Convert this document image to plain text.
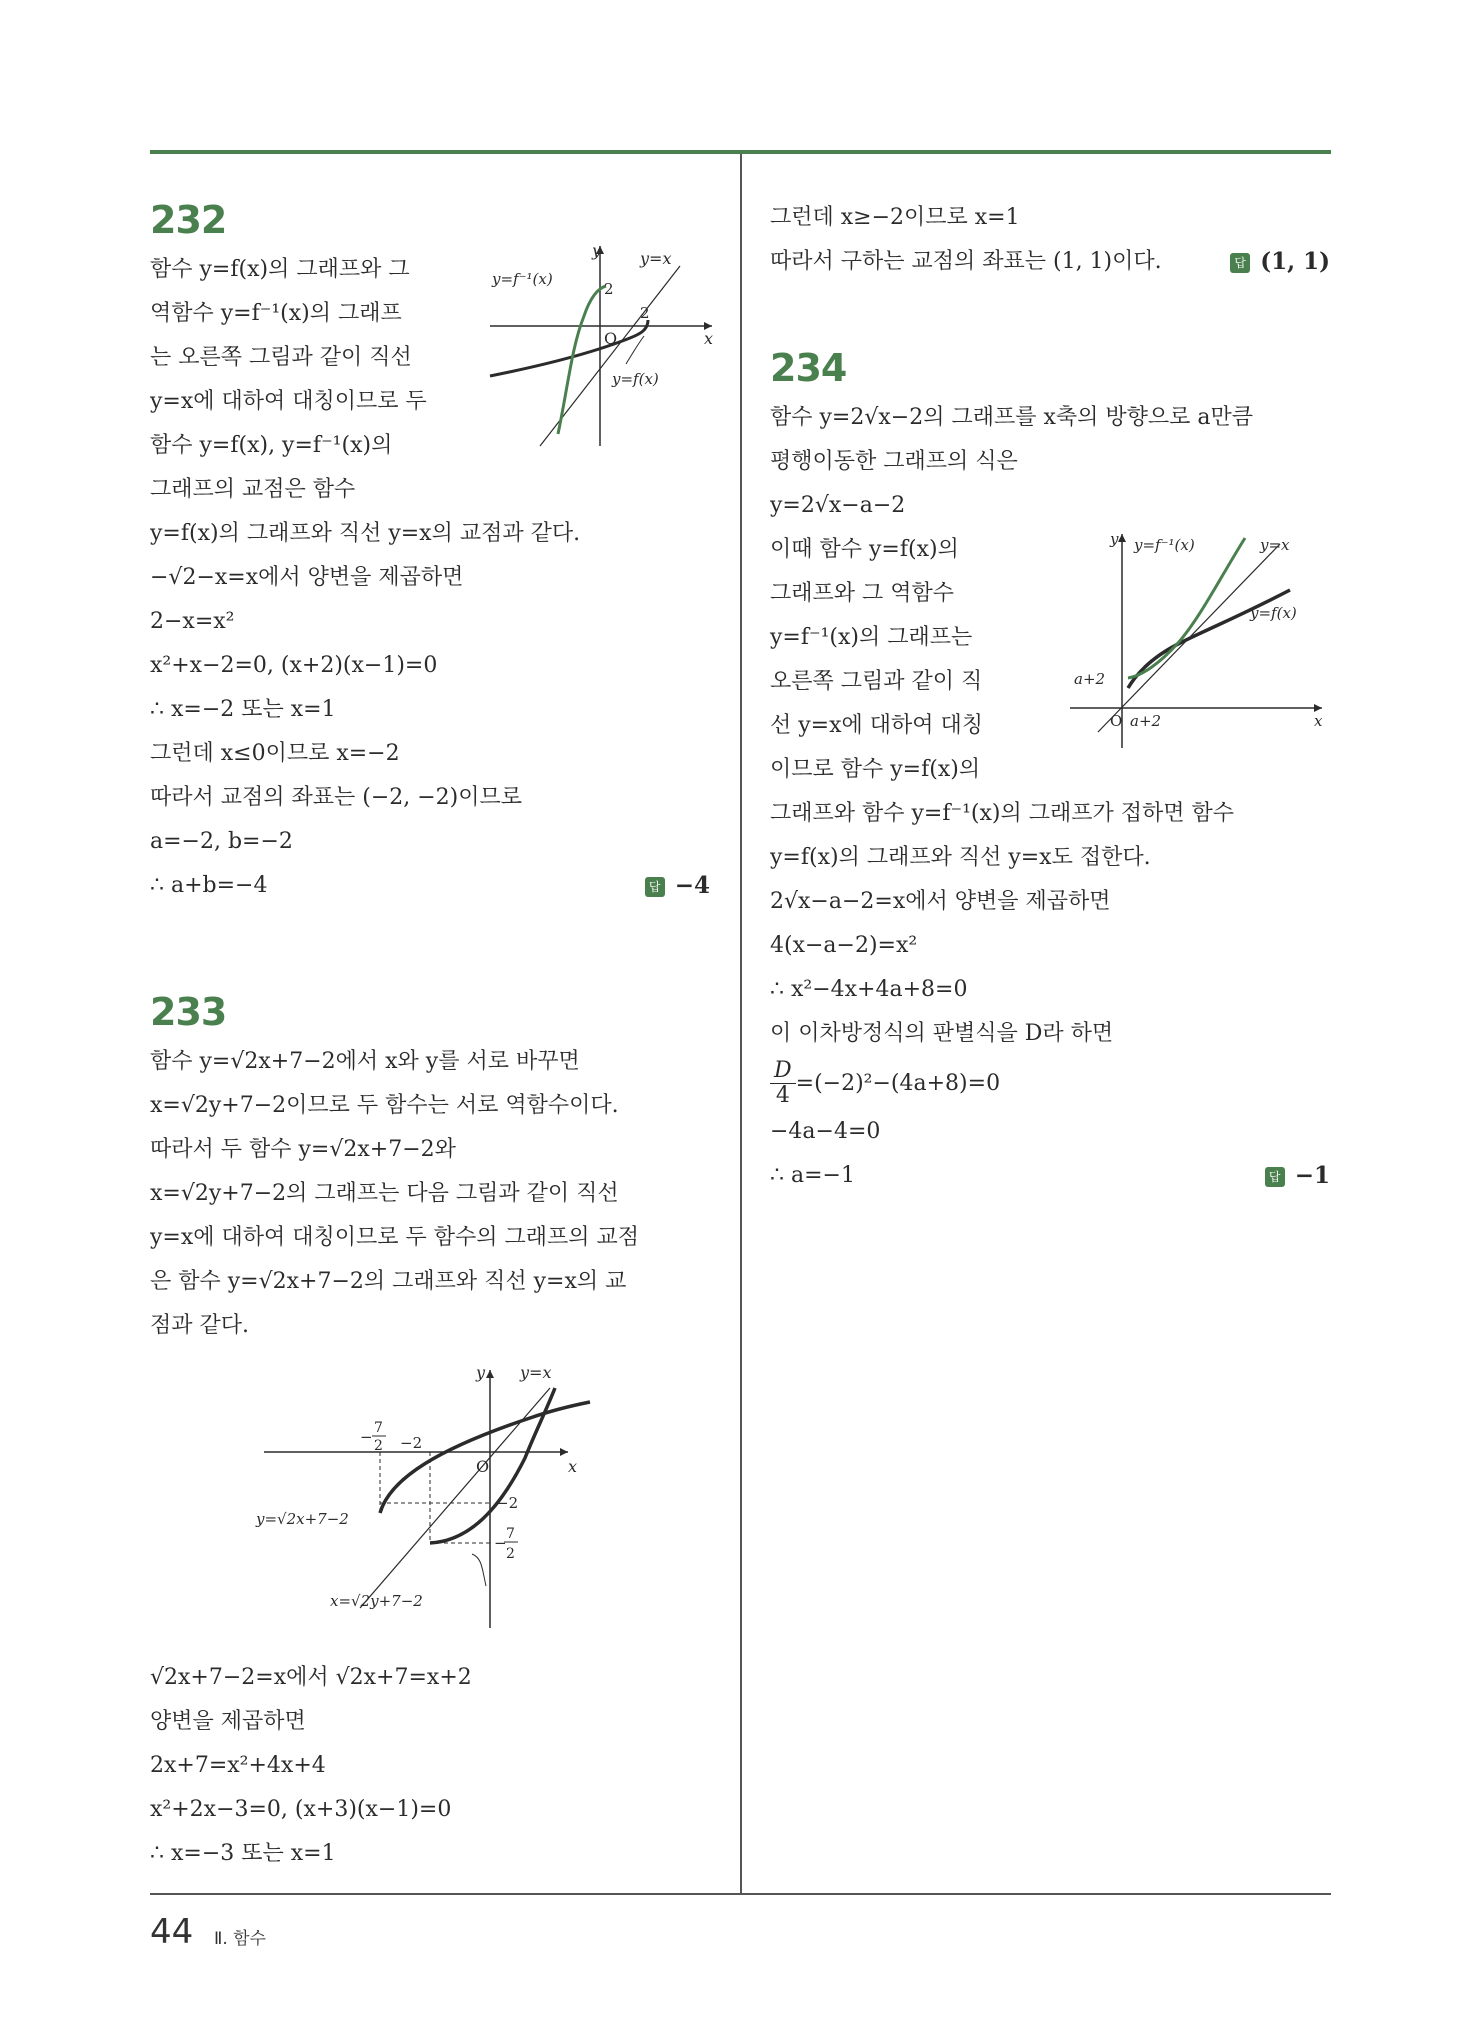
232
함수 y=f(x)의 그래프와 그
역함수 y=f⁻¹(x)의 그래프
는 오른쪽 그림과 같이 직선
y=x에 대하여 대칭이므로 두
함수 y=f(x), y=f⁻¹(x)의
그래프의 교점은 함수
y
x
y=x
y=f⁻¹(x)
2
2
O
y=f(x)
y=f(x)의 그래프와 직선 y=x의 교점과 같다.
−√2−x=x에서 양변을 제곱하면
2−x=x²
x²+x−2=0, (x+2)(x−1)=0
∴ x=−2 또는 x=1
그런데 x≤0이므로 x=−2
따라서 교점의 좌표는 (−2, −2)이므로
a=−2, b=−2
∴ a+b=−4	답 −4
233
함수 y=√2x+7−2에서 x와 y를 서로 바꾸면
x=√2y+7−2이므로 두 함수는 서로 역함수이다.
따라서 두 함수 y=√2x+7−2와
x=√2y+7−2의 그래프는 다음 그림과 같이 직선
y=x에 대하여 대칭이므로 두 함수의 그래프의 교점
은 함수 y=√2x+7−2의 그래프와 직선 y=x의 교
점과 같다.
y
x
y=x
O
− 7
2 −2
−2
− 7
2
y=√2x+7−2
x=√2y+7−2
√2x+7−2=x에서 √2x+7=x+2
양변을 제곱하면
2x+7=x²+4x+4
x²+2x−3=0, (x+3)(x−1)=0
∴ x=−3 또는 x=1
그런데 x≥−2이므로 x=1
따라서 구하는 교점의 좌표는 (1, 1)이다.	답 (1, 1)
234
함수 y=2√x−2의 그래프를 x축의 방향으로 a만큼
평행이동한 그래프의 식은
y=2√x−a−2
이때 함수 y=f(x)의
그래프와 그 역함수
y=f⁻¹(x)의 그래프는
오른쪽 그림과 같이 직
선 y=x에 대하여 대칭
이므로 함수 y=f(x)의
y y=f⁻¹(x)	y=x
y=f(x)
a+2
O a+2	x
그래프와 함수 y=f⁻¹(x)의 그래프가 접하면 함수
y=f(x)의 그래프와 직선 y=x도 접한다.
2√x−a−2=x에서 양변을 제곱하면
4(x−a−2)=x²
∴ x²−4x+4a+8=0
이 이차방정식의 판별식을 D라 하면
$\frac{D}{4} =(-2)^2-(4a+8)=0$
−4a−4=0
∴ a=−1	답 −1
44 Ⅱ. 함수
